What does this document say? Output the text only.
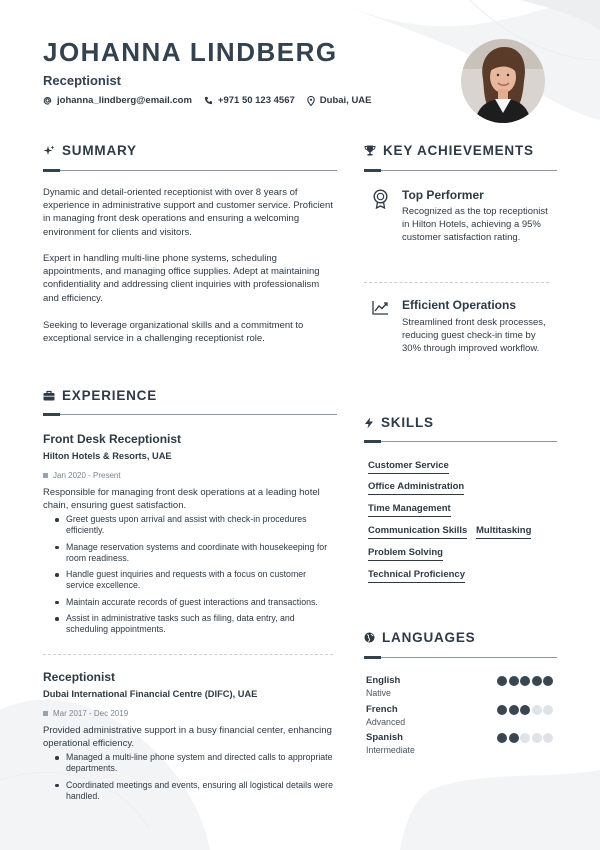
JOHANNA LINDBERG
Receptionist
johanna_lindberg@email.com	+971 50 123 4567	Dubai, UAE
SUMMARY
Dynamic and detail-oriented receptionist with over 8 years of experience in administrative support and customer service. Proficient in managing front desk operations and ensuring a welcoming environment for clients and visitors.
Expert in handling multi-line phone systems, scheduling appointments, and managing office supplies. Adept at maintaining confidentiality and addressing client inquiries with professionalism and efficiency.
Seeking to leverage organizational skills and a commitment to exceptional service in a challenging receptionist role.
EXPERIENCE
Front Desk Receptionist
Hilton Hotels & Resorts, UAE
Jan 2020 - Present
Responsible for managing front desk operations at a leading hotel chain, ensuring guest satisfaction.
Greet guests upon arrival and assist with check-in procedures efficiently.
Manage reservation systems and coordinate with housekeeping for room readiness.
Handle guest inquiries and requests with a focus on customer service excellence.
Maintain accurate records of guest interactions and transactions.
Assist in administrative tasks such as filing, data entry, and scheduling appointments.
Receptionist
Dubai International Financial Centre (DIFC), UAE
Mar 2017 - Dec 2019
Provided administrative support in a busy financial center, enhancing operational efficiency.
Managed a multi-line phone system and directed calls to appropriate departments.
Coordinated meetings and events, ensuring all logistical details were handled.
KEY ACHIEVEMENTS
Top Performer
Recognized as the top receptionist in Hilton Hotels, achieving a 95% customer satisfaction rating.
Efficient Operations
Streamlined front desk processes, reducing guest check-in time by 30% through improved workflow.
SKILLS
Customer Service
Office Administration
Time Management
Communication Skills Multitasking
Problem Solving
Technical Proficiency
LANGUAGES
English
Native
French
Advanced
Spanish
Intermediate
